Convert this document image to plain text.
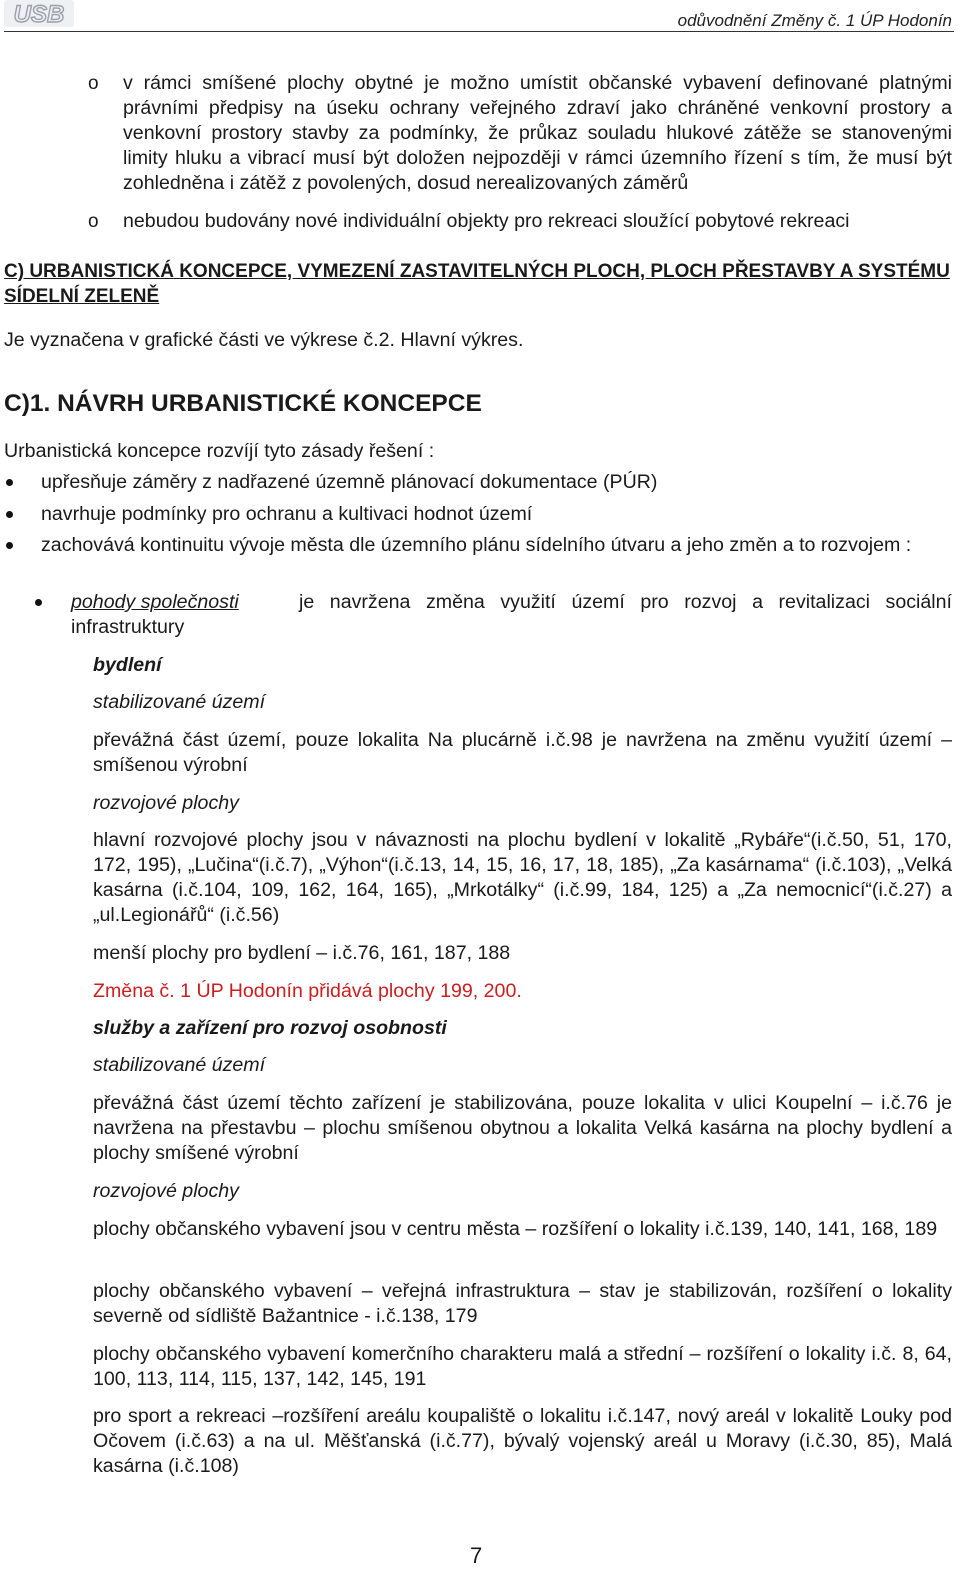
USB	odůvodnění Změny č. 1 ÚP Hodonín
o v rámci smíšené plochy obytné je možno umístit občanské vybavení definované platnými právními předpisy na úseku ochrany veřejného zdraví jako chráněné venkovní prostory a venkovní prostory stavby za podmínky, že průkaz souladu hlukové zátěže se stanovenými limity hluku a vibrací musí být doložen nejpozději v rámci územního řízení s tím, že musí být zohledněna i zátěž z povolených, dosud nerealizovaných záměrů
o nebudou budovány nové individuální objekty pro rekreaci sloužící pobytové rekreaci
C) URBANISTICKÁ KONCEPCE, VYMEZENÍ ZASTAVITELNÝCH PLOCH, PLOCH PŘESTAVBY A SYSTÉMU SÍDELNÍ ZELENĚ
Je vyznačena v grafické části ve výkrese č.2. Hlavní výkres.
C)1. NÁVRH URBANISTICKÉ KONCEPCE
Urbanistická koncepce rozvíjí tyto zásady řešení :
upřesňuje záměry z nadřazené územně plánovací dokumentace (PÚR)
navrhuje podmínky pro ochranu a kultivaci hodnot území
zachovává kontinuitu vývoje města dle územního plánu sídelního útvaru a jeho změn a to rozvojem :
pohody společnosti	je navržena změna využití území pro rozvoj a revitalizaci sociální infrastruktury
bydlení
stabilizované území
převážná část území, pouze lokalita Na plucárně i.č.98 je navržena na změnu využití území – smíšenou výrobní
rozvojové plochy
hlavní rozvojové plochy jsou v návaznosti na plochu bydlení v lokalitě „Rybáře“(i.č.50, 51, 170, 172, 195), „Lučina“(i.č.7), „Výhon“(i.č.13, 14, 15, 16, 17, 18, 185), „Za kasárnama“ (i.č.103), „Velká kasárna (i.č.104, 109, 162, 164, 165), „Mrkotálky“ (i.č.99, 184, 125) a „Za nemocnicí“(i.č.27) a „ul.Legionářů“ (i.č.56)
menší plochy pro bydlení – i.č.76, 161, 187, 188
Změna č. 1 ÚP Hodonín přidává plochy 199, 200.
služby a zařízení pro rozvoj osobnosti
stabilizované území
převážná část území těchto zařízení je stabilizována, pouze lokalita v ulici Koupelní – i.č.76 je navržena na přestavbu – plochu smíšenou obytnou a lokalita Velká kasárna na plochy bydlení a plochy smíšené výrobní
rozvojové plochy
plochy občanského vybavení jsou v centru města – rozšíření o lokality i.č.139, 140, 141, 168, 189
plochy občanského vybavení – veřejná infrastruktura – stav je stabilizován, rozšíření o lokality severně od sídliště Bažantnice - i.č.138, 179
plochy občanského vybavení komerčního charakteru malá a střední – rozšíření o lokality i.č. 8, 64, 100, 113, 114, 115, 137, 142, 145, 191
pro sport a rekreaci –rozšíření areálu koupaliště o lokalitu i.č.147, nový areál v lokalitě Louky pod Očovem (i.č.63) a na ul. Měšťanská (i.č.77), bývalý vojenský areál u Moravy (i.č.30, 85), Malá kasárna (i.č.108)
7
